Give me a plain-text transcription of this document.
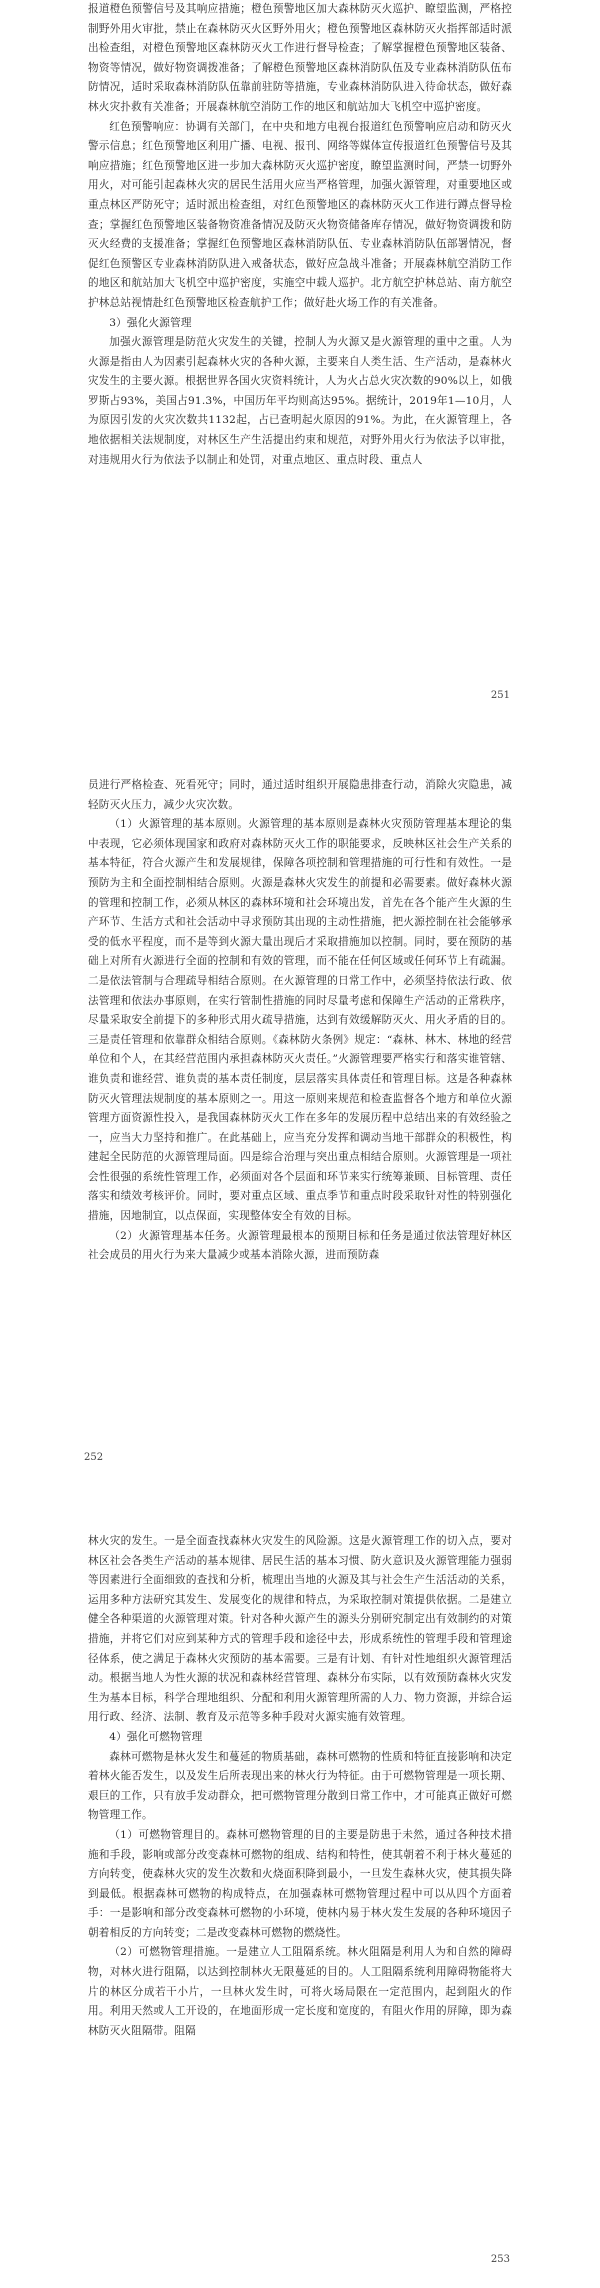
报道橙色预警信号及其响应措施；橙色预警地区加大森林防灭火巡护、瞭望监测，严格控制野外用火审批，禁止在森林防灭火区野外用火；橙色预警地区森林防灭火指挥部适时派出检查组，对橙色预警地区森林防灭火工作进行督导检查；了解掌握橙色预警地区装备、物资等情况，做好物资调拨准备；了解橙色预警地区森林消防队伍及专业森林消防队伍布防情况，适时采取森林消防队伍靠前驻防等措施，专业森林消防队进入待命状态，做好森林火灾扑救有关准备；开展森林航空消防工作的地区和航站加大飞机空中巡护密度。

红色预警响应：协调有关部门，在中央和地方电视台报道红色预警响应启动和防灭火警示信息；红色预警地区利用广播、电视、报刊、网络等媒体宣传报道红色预警信号及其响应措施；红色预警地区进一步加大森林防灭火巡护密度，瞭望监测时间，严禁一切野外用火，对可能引起森林火灾的居民生活用火应当严格管理，加强火源管理，对重要地区或重点林区严防死守；适时派出检查组，对红色预警地区的森林防灭火工作进行蹲点督导检查；掌握红色预警地区装备物资准备情况及防灭火物资储备库存情况，做好物资调拨和防灭火经费的支援准备；掌握红色预警地区森林消防队伍、专业森林消防队伍部署情况，督促红色预警区专业森林消防队进入戒备状态，做好应急战斗准备；开展森林航空消防工作的地区和航站加大飞机空中巡护密度，实施空中载人巡护。北方航空护林总站、南方航空护林总站视情赴红色预警地区检查航护工作；做好赴火场工作的有关准备。

3）强化火源管理

加强火源管理是防范火灾发生的关键，控制人为火源又是火源管理的重中之重。人为火源是指由人为因素引起森林火灾的各种火源，主要来自人类生活、生产活动，是森林火灾发生的主要火源。根据世界各国火灾资料统计，人为火占总火灾次数的90%以上，如俄罗斯占93%，美国占91.3%，中国历年平均则高达95%。据统计，2019年1—10月，人为原因引发的火灾次数共1132起，占已查明起火原因的91%。为此，在火源管理上，各地依据相关法规制度，对林区生产生活提出约束和规范，对野外用火行为依法予以审批，对违规用火行为依法予以制止和处罚，对重点地区、重点时段、重点人

251

员进行严格检查、死看死守；同时，通过适时组织开展隐患排查行动，消除火灾隐患，减轻防灭火压力，减少火灾次数。

（1）火源管理的基本原则。火源管理的基本原则是森林火灾预防管理基本理论的集中表现，它必须体现国家和政府对森林防灭火工作的职能要求，反映林区社会生产关系的基本特征，符合火源产生和发展规律，保障各项控制和管理措施的可行性和有效性。一是预防为主和全面控制相结合原则。火源是森林火灾发生的前提和必需要素。做好森林火源的管理和控制工作，必须从林区的森林环境和社会环境出发，首先在各个能产生火源的生产环节、生活方式和社会活动中寻求预防其出现的主动性措施，把火源控制在社会能够承受的低水平程度，而不是等到火源大量出现后才采取措施加以控制。同时，要在预防的基础上对所有火源进行全面的控制和有效的管理，而不能在任何区域或任何环节上有疏漏。二是依法管制与合理疏导相结合原则。在火源管理的日常工作中，必须坚持依法行政、依法管理和依法办事原则，在实行管制性措施的同时尽量考虑和保障生产活动的正常秩序，尽量采取安全前提下的多种形式用火疏导措施，达到有效缓解防灭火、用火矛盾的目的。三是责任管理和依靠群众相结合原则。《森林防火条例》规定：“森林、林木、林地的经营单位和个人，在其经营范围内承担森林防灭火责任。”火源管理要严格实行和落实谁管辖、谁负责和谁经营、谁负责的基本责任制度，层层落实具体责任和管理目标。这是各种森林防灭火管理法规制度的基本原则之一。用这一原则来规范和检查监督各个地方和单位火源管理方面资源性投入，是我国森林防灭火工作在多年的发展历程中总结出来的有效经验之一，应当大力坚持和推广。在此基础上，应当充分发挥和调动当地干部群众的积极性，构建起全民防范的火源管理局面。四是综合治理与突出重点相结合原则。火源管理是一项社会性很强的系统性管理工作，必须面对各个层面和环节来实行统筹兼顾、目标管理、责任落实和绩效考核评价。同时，要对重点区域、重点季节和重点时段采取针对性的特别强化措施，因地制宜，以点保面，实现整体安全有效的目标。

（2）火源管理基本任务。火源管理最根本的预期目标和任务是通过依法管理好林区社会成员的用火行为来大量减少或基本消除火源，进而预防森

252

林火灾的发生。一是全面查找森林火灾发生的风险源。这是火源管理工作的切入点，要对林区社会各类生产活动的基本规律、居民生活的基本习惯、防火意识及火源管理能力强弱等因素进行全面细致的查找和分析，梳理出当地的火源及其与社会生产生活活动的关系，运用多种方法研究其发生、发展变化的规律和特点，为采取控制对策提供依据。二是建立健全各种渠道的火源管理对策。针对各种火源产生的源头分别研究制定出有效制约的对策措施，并将它们对应到某种方式的管理手段和途径中去，形成系统性的管理手段和管理途径体系，使之满足于森林火灾预防的基本需要。三是有计划、有针对性地组织火源管理活动。根据当地人为性火源的状况和森林经营管理、森林分布实际，以有效预防森林火灾发生为基本目标，科学合理地组织、分配和利用火源管理所需的人力、物力资源，并综合运用行政、经济、法制、教育及示范等多种手段对火源实施有效管理。

4）强化可燃物管理

森林可燃物是林火发生和蔓延的物质基础，森林可燃物的性质和特征直接影响和决定着林火能否发生，以及发生后所表现出来的林火行为特征。由于可燃物管理是一项长期、艰巨的工作，只有放手发动群众，把可燃物管理分散到日常工作中，才可能真正做好可燃物管理工作。

（1）可燃物管理目的。森林可燃物管理的目的主要是防患于未然，通过各种技术措施和手段，影响或部分改变森林可燃物的组成、结构和特性，使其朝着不利于林火蔓延的方向转变，使森林火灾的发生次数和火烧面积降到最小，一旦发生森林火灾，使其损失降到最低。根据森林可燃物的构成特点，在加强森林可燃物管理过程中可以从四个方面着手：一是影响和部分改变森林可燃物的小环境，使林内易于林火发生发展的各种环境因子朝着相反的方向转变；二是改变森林可燃物的燃烧性。

（2）可燃物管理措施。一是建立人工阻隔系统。林火阻隔是利用人为和自然的障碍物，对林火进行阻隔，以达到控制林火无限蔓延的目的。人工阻隔系统利用障碍物能将大片的林区分成若干小片，一旦林火发生时，可将火场局限在一定范围内，起到阻火的作用。利用天然或人工开设的，在地面形成一定长度和宽度的，有阻火作用的屏障，即为森林防灭火阻隔带。阻隔

253
